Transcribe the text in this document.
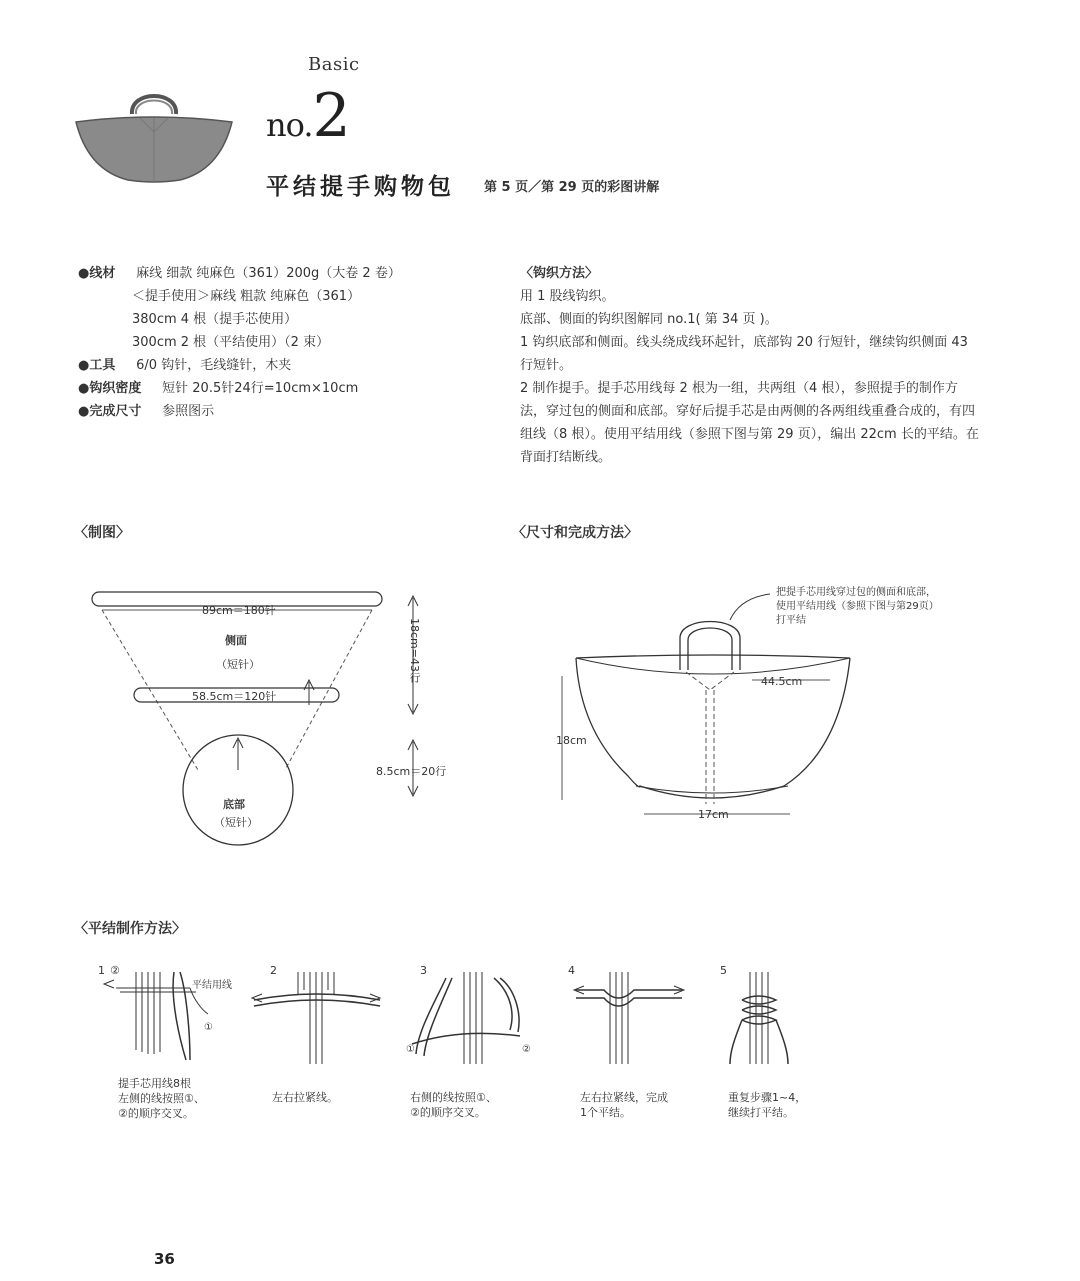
Basic
no.2
平结提手购物包 第 5 页／第 29 页的彩图讲解
●线材 麻线 细款 纯麻色（361）200g（大卷 2 卷）
＜提手使用＞麻线 粗款 纯麻色（361）
380cm 4 根（提手芯使用）
300cm 2 根（平结使用）（2 束）
●工具 6/0 钩针，毛线缝针，木夹
●钩织密度 短针 20.5针24行=10cm×10cm
●完成尺寸 参照图示
〈钩织方法〉
用 1 股线钩织。
底部、侧面的钩织图解同 no.1( 第 34 页 )。
1 钩织底部和侧面。线头绕成线环起针，底部钩 20 行短针，继续钩织侧面 43 行短针。
2 制作提手。提手芯用线每 2 根为一组，共两组（4 根），参照提手的制作方法，穿过包的侧面和底部。穿好后提手芯是由两侧的各两组线重叠合成的，有四组线（8 根）。使用平结用线（参照下图与第 29 页），编出 22cm 长的平结。在背面打结断线。
〈制图〉	〈尺寸和完成方法〉
89cm＝180针
侧面
（短针）
58.5cm＝120针
底部
（短针）
8.5cm＝20行
18cm=43行	44.5cm
18cm
17cm
把提手芯用线穿过包的侧面和底部，
使用平结用线（参照下图与第29页）
打平结
〈平结制作方法〉
1 ②
平结用线
①
2	3
①	②
4	5
提手芯用线8根
左侧的线按照①、
②的顺序交叉。
左右拉紧线。	右侧的线按照①、
②的顺序交叉。
左右拉紧线，完成
1个平结。
重复步骤1~4，
继续打平结。
36
